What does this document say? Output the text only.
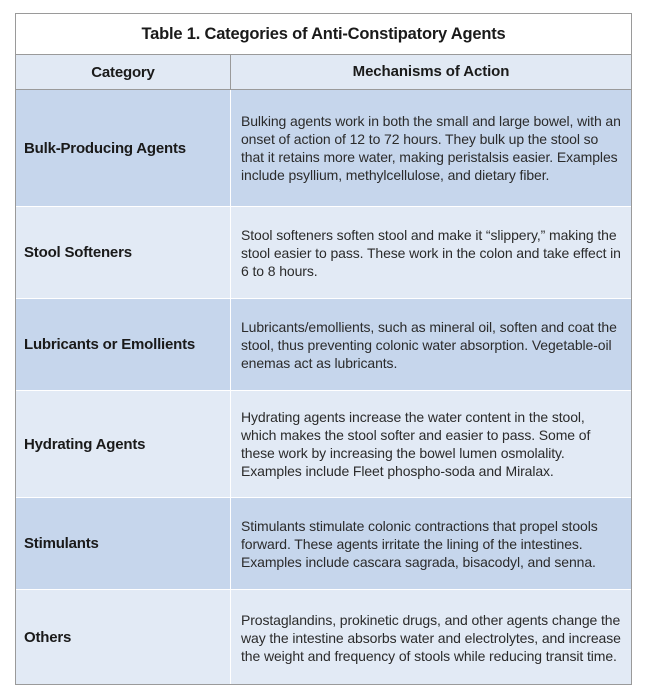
Table 1. Categories of Anti-Constipatory Agents
Category	Mechanisms of Action
Bulk-Producing Agents
Bulking agents work in both the small and large bowel, with an onset of action of 12 to 72 hours. They bulk up the stool so that it retains more water, making peristalsis easier. Examples include psyllium, methylcellulose, and dietary fiber.
Stool Softeners
Stool softeners soften stool and make it “slippery,” making the stool easier to pass. These work in the colon and take effect in 6 to 8 hours.
Lubricants or Emollients
Lubricants/emollients, such as mineral oil, soften and coat the stool, thus preventing colonic water absorption. Vegetable-oil enemas act as lubricants.
Hydrating Agents
Hydrating agents increase the water content in the stool, which makes the stool softer and easier to pass. Some of these work by increasing the bowel lumen osmolality. Examples include Fleet phospho-soda and Miralax.
Stimulants
Stimulants stimulate colonic contractions that propel stools forward. These agents irritate the lining of the intestines. Examples include cascara sagrada, bisacodyl, and senna.
Others
Prostaglandins, prokinetic drugs, and other agents change the way the intestine absorbs water and electrolytes, and increase the weight and frequency of stools while reducing transit time.
